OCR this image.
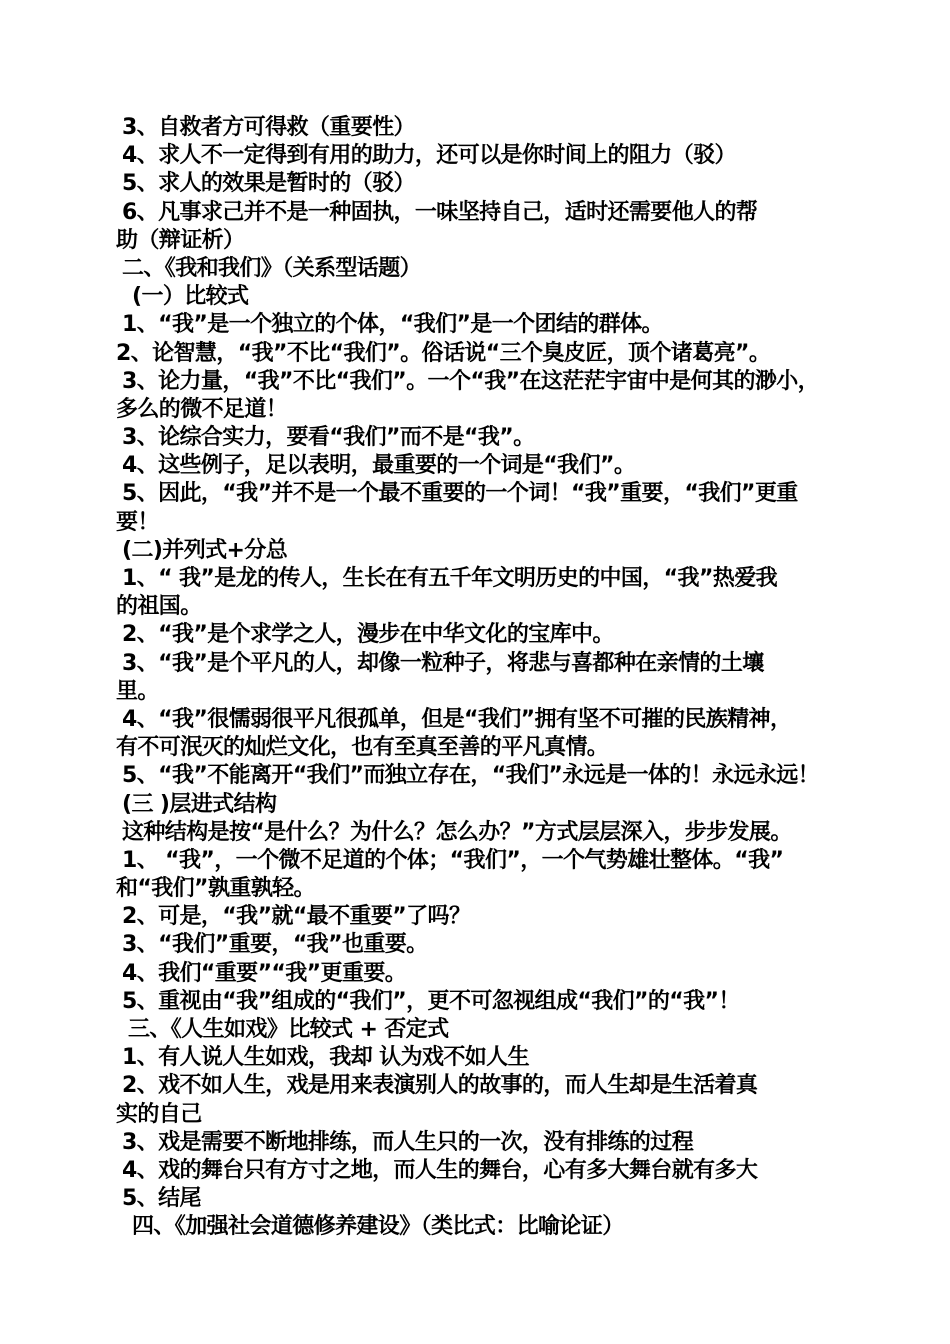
3、自救者方可得救（重要性）
4、求人不一定得到有用的助力，还可以是你时间上的阻力（驳）
5、求人的效果是暂时的（驳）
6、凡事求己并不是一种固执，一味坚持自己，适时还需要他人的帮
助（辩证析）
二、《我和我们》（关系型话题）
(一）比较式
1、“我”是一个独立的个体，“我们”是一个团结的群体。
2、论智慧，“我”不比“我们”。俗话说“三个臭皮匠，顶个诸葛亮”。
3、论力量，“我”不比“我们”。一个“我”在这茫茫宇宙中是何其的渺小，
多么的微不足道！
3、论综合实力，要看“我们”而不是“我”。
4、这些例子，足以表明，最重要的一个词是“我们”。
5、因此，“我”并不是一个最不重要的一个词！“我”重要，“我们”更重
要！
(二)并列式+分总
1、“ 我”是龙的传人，生长在有五千年文明历史的中国，“我”热爱我
的祖国。
2、“我”是个求学之人，漫步在中华文化的宝库中。
3、“我”是个平凡的人，却像一粒种子，将悲与喜都种在亲情的土壤
里。
4、“我”很懦弱很平凡很孤单，但是“我们”拥有坚不可摧的民族精神，
有不可泯灭的灿烂文化，也有至真至善的平凡真情。
5、“我”不能离开“我们”而独立存在，“我们”永远是一体的！永远永远！
(三 )层进式结构
这种结构是按“是什么？为什么？怎么办？”方式层层深入，步步发展。
1、 “我”，一个微不足道的个体；“我们”，一个气势雄壮整体。“我”
和“我们”孰重孰轻。
2、可是，“我”就“最不重要”了吗？
3、“我们”重要，“我”也重要。
4、我们“重要”“我”更重要。
5、重视由“我”组成的“我们”，更不可忽视组成“我们”的“我”！
三、《人生如戏》比较式 + 否定式
1、有人说人生如戏，我却 认为戏不如人生
2、戏不如人生，戏是用来表演别人的故事的，而人生却是生活着真
实的自己
3、戏是需要不断地排练，而人生只的一次，没有排练的过程
4、戏的舞台只有方寸之地，而人生的舞台，心有多大舞台就有多大
5、结尾
四、《加强社会道德修养建设》（类比式：比喻论证）
